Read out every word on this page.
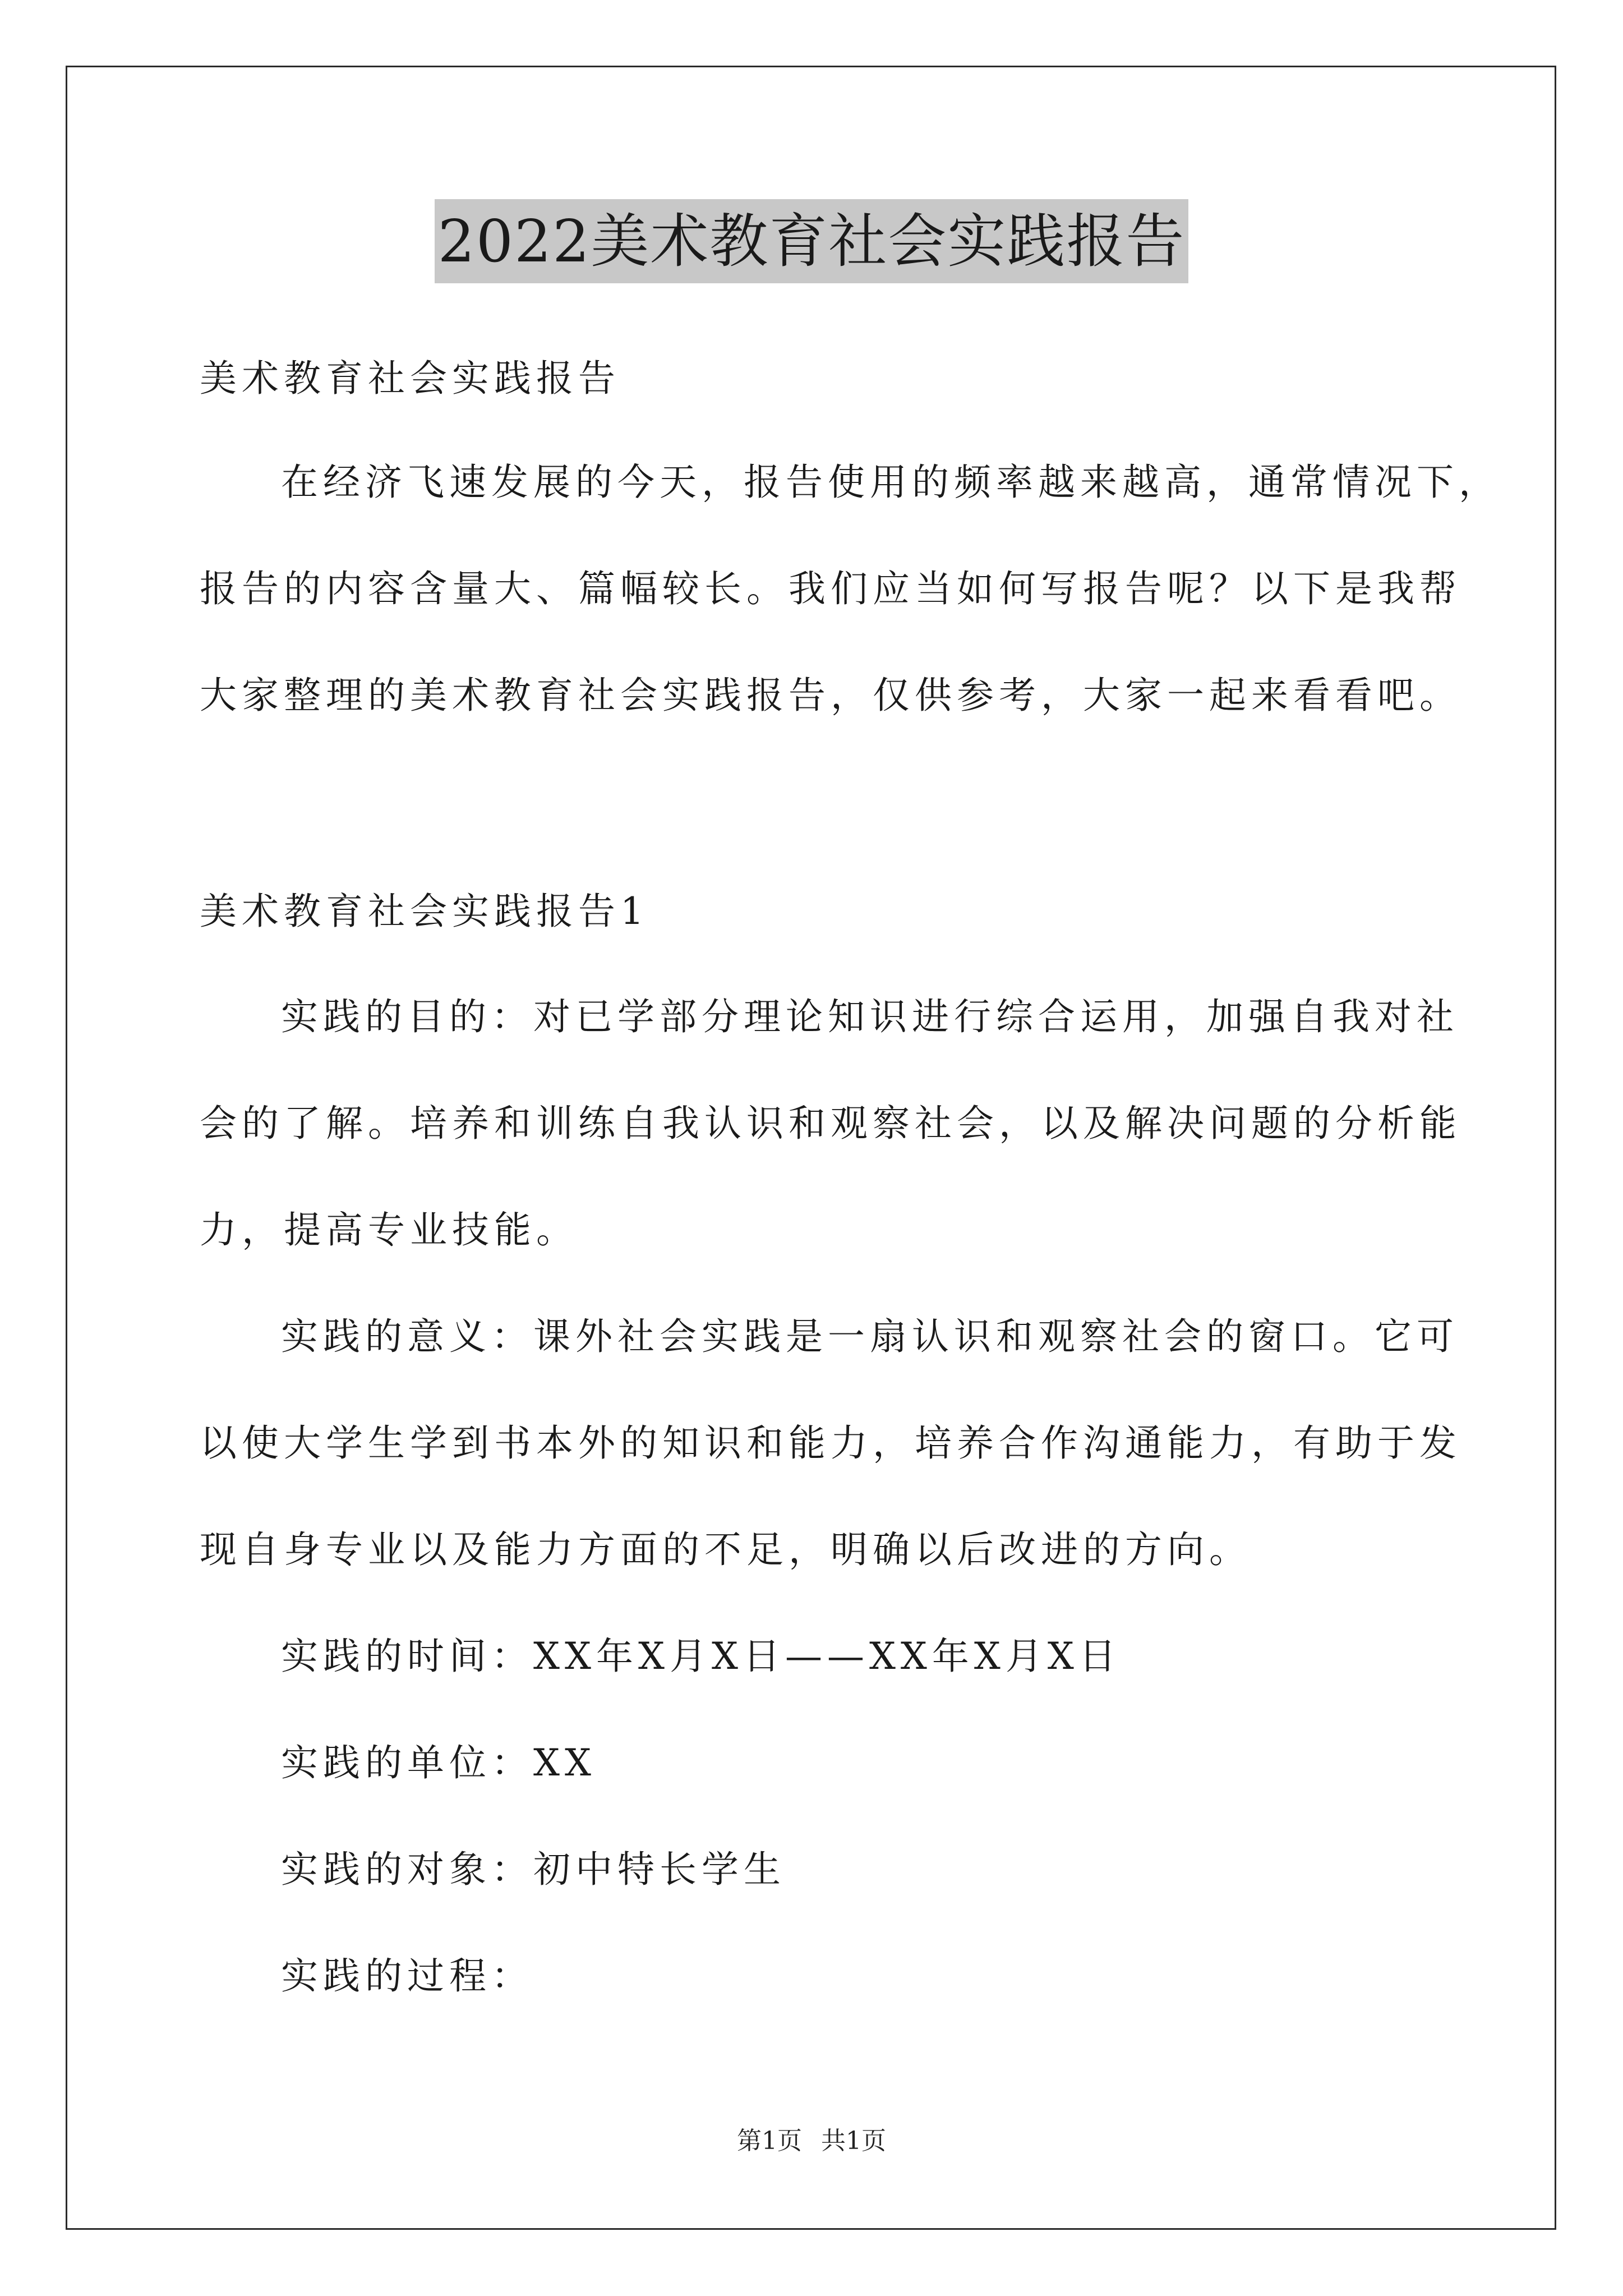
2022美术教育社会实践报告
美术教育社会实践报告
在经济飞速发展的今天，报告使用的频率越来越高，通常情况下，
报告的内容含量大、篇幅较长。我们应当如何写报告呢？以下是我帮
大家整理的美术教育社会实践报告，仅供参考，大家一起来看看吧。
美术教育社会实践报告1
实践的目的：对已学部分理论知识进行综合运用，加强自我对社
会的了解。培养和训练自我认识和观察社会，以及解决问题的分析能
力，提高专业技能。
实践的意义：课外社会实践是一扇认识和观察社会的窗口。它可
以使大学生学到书本外的知识和能力，培养合作沟通能力，有助于发
现自身专业以及能力方面的不足，明确以后改进的方向。
实践的时间：XX年X月X日——XX年X月X日
实践的单位：XX
实践的对象：初中特长学生
实践的过程：
第1页 共1页
